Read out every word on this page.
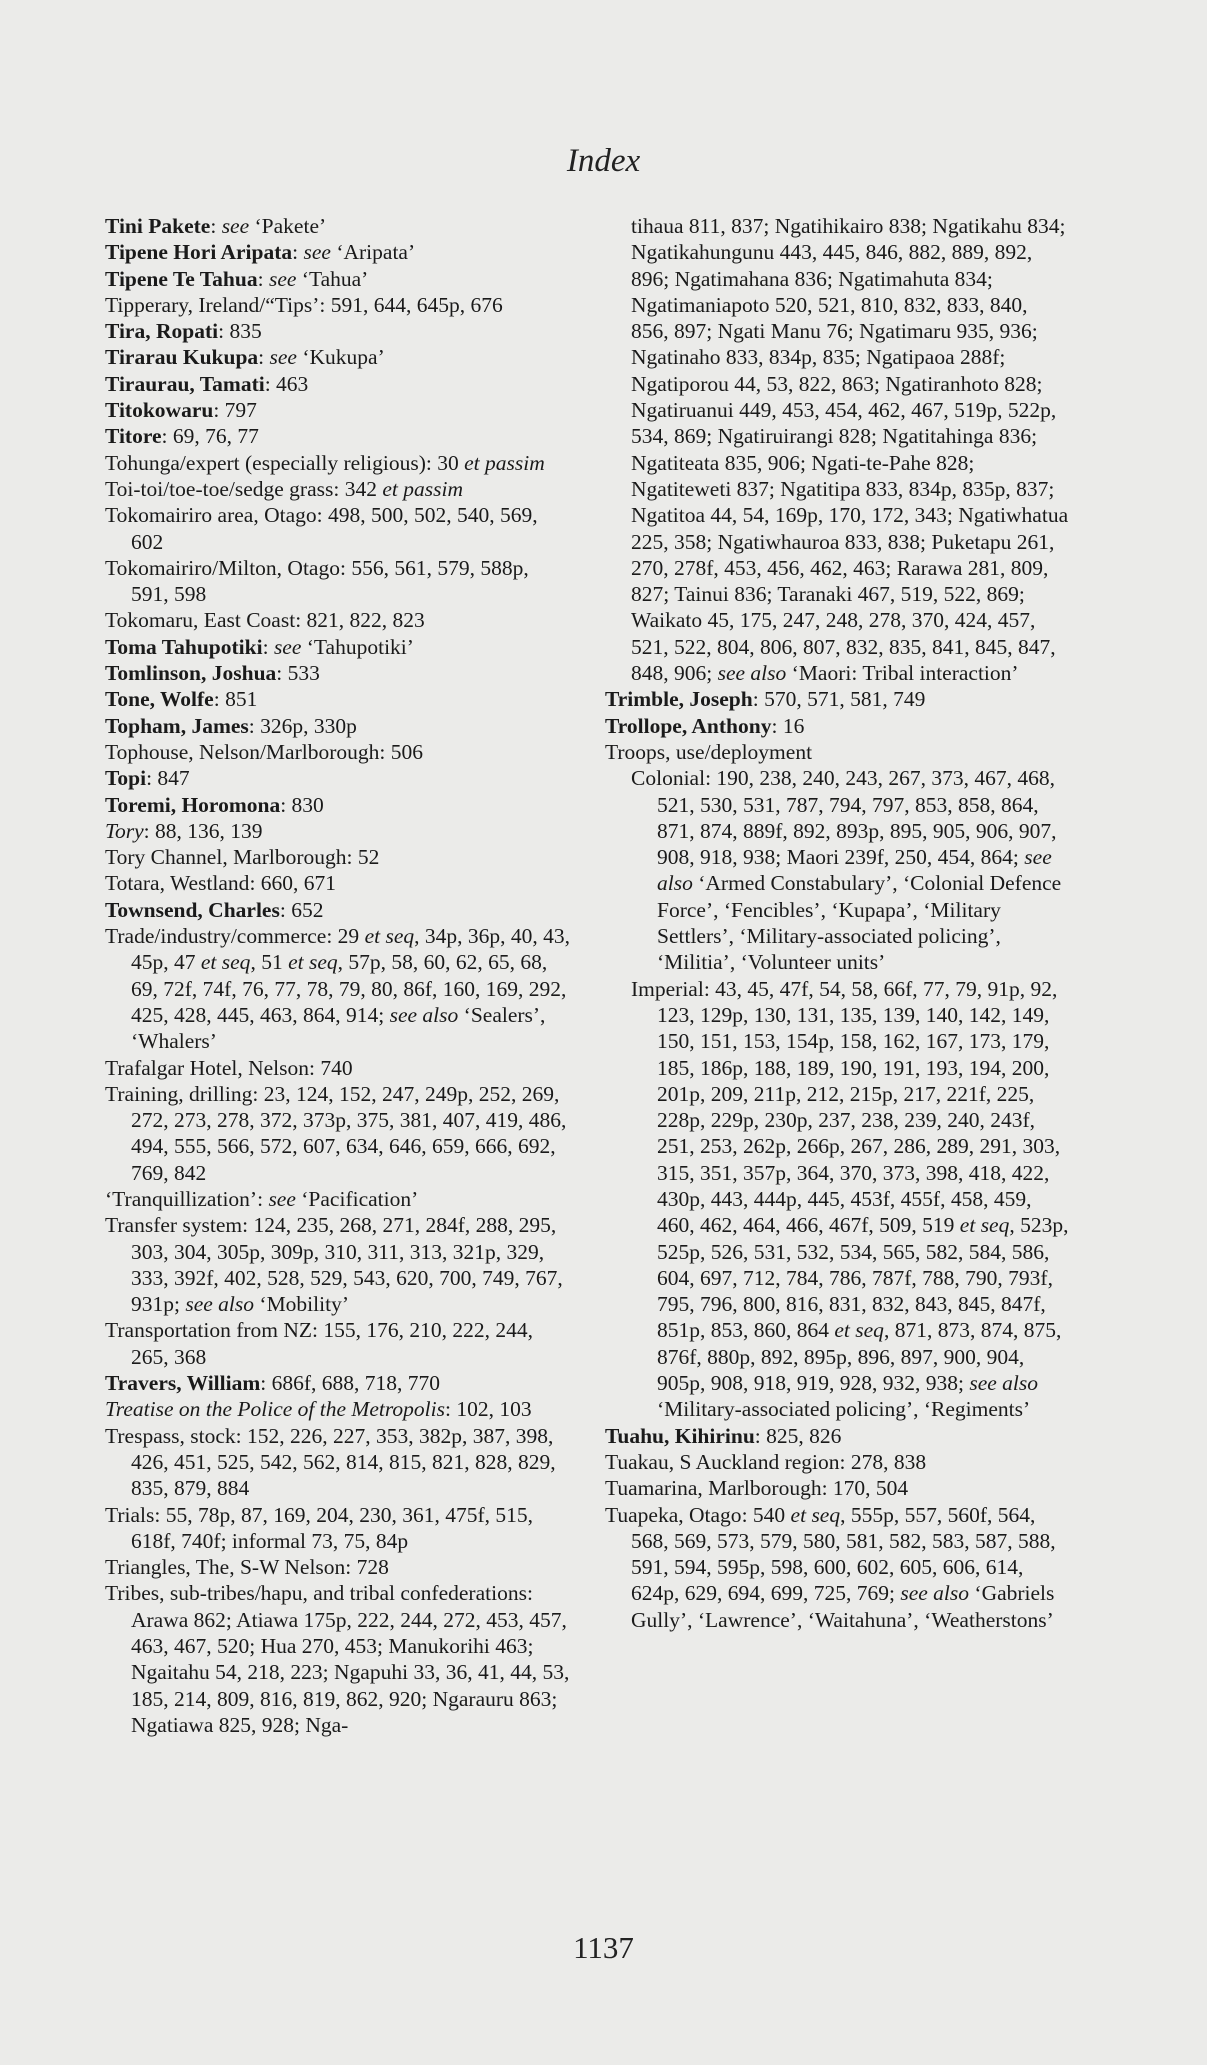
Index

Tini Pakete: see ‘Pakete’

Tipene Hori Aripata: see ‘Aripata’

Tipene Te Tahua: see ‘Tahua’

Tipperary, Ireland/“Tips’: 591, 644, 645p, 676

Tira, Ropati: 835

Tirarau Kukupa: see ‘Kukupa’

Tiraurau, Tamati: 463

Titokowaru: 797

Titore: 69, 76, 77

Tohunga/expert (especially religious): 30 et passim

Toi-toi/toe-toe/sedge grass: 342 et passim

Tokomairiro area, Otago: 498, 500, 502, 540, 569, 602

Tokomairiro/Milton, Otago: 556, 561, 579, 588p, 591, 598

Tokomaru, East Coast: 821, 822, 823

Toma Tahupotiki: see ‘Tahupotiki’

Tomlinson, Joshua: 533

Tone, Wolfe: 851

Topham, James: 326p, 330p

Tophouse, Nelson/Marlborough: 506

Topi: 847

Toremi, Horomona: 830

Tory: 88, 136, 139

Tory Channel, Marlborough: 52

Totara, Westland: 660, 671

Townsend, Charles: 652

Trade/industry/commerce: 29 et seq, 34p, 36p, 40, 43, 45p, 47 et seq, 51 et seq, 57p, 58, 60, 62, 65, 68, 69, 72f, 74f, 76, 77, 78, 79, 80, 86f, 160, 169, 292, 425, 428, 445, 463, 864, 914; see also ‘Sealers’, ‘Whalers’

Trafalgar Hotel, Nelson: 740

Training, drilling: 23, 124, 152, 247, 249p, 252, 269, 272, 273, 278, 372, 373p, 375, 381, 407, 419, 486, 494, 555, 566, 572, 607, 634, 646, 659, 666, 692, 769, 842

‘Tranquillization’: see ‘Pacification’

Transfer system: 124, 235, 268, 271, 284f, 288, 295, 303, 304, 305p, 309p, 310, 311, 313, 321p, 329, 333, 392f, 402, 528, 529, 543, 620, 700, 749, 767, 931p; see also ‘Mobility’

Transportation from NZ: 155, 176, 210, 222, 244, 265, 368

Travers, William: 686f, 688, 718, 770

Treatise on the Police of the Metropolis: 102, 103

Trespass, stock: 152, 226, 227, 353, 382p, 387, 398, 426, 451, 525, 542, 562, 814, 815, 821, 828, 829, 835, 879, 884

Trials: 55, 78p, 87, 169, 204, 230, 361, 475f, 515, 618f, 740f; informal 73, 75, 84p

Triangles, The, S-W Nelson: 728

Tribes, sub-tribes/hapu, and tribal confederations: Arawa 862; Atiawa 175p, 222, 244, 272, 453, 457, 463, 467, 520; Hua 270, 453; Manukorihi 463; Ngaitahu 54, 218, 223; Ngapuhi 33, 36, 41, 44, 53, 185, 214, 809, 816, 819, 862, 920; Ngarauru 863; Ngatiawa 825, 928; Nga-

tihaua 811, 837; Ngatihikairo 838; Ngatikahu 834; Ngatikahungunu 443, 445, 846, 882, 889, 892, 896; Ngatimahana 836; Ngatimahuta 834; Ngatimaniapoto 520, 521, 810, 832, 833, 840, 856, 897; Ngati Manu 76; Ngatimaru 935, 936; Ngatinaho 833, 834p, 835; Ngatipaoa 288f; Ngatiporou 44, 53, 822, 863; Ngatiranhoto 828; Ngatiruanui 449, 453, 454, 462, 467, 519p, 522p, 534, 869; Ngatiruirangi 828; Ngatitahinga 836; Ngatiteata 835, 906; Ngati-te-Pahe 828; Ngatiteweti 837; Ngatitipa 833, 834p, 835p, 837; Ngatitoa 44, 54, 169p, 170, 172, 343; Ngatiwhatua 225, 358; Ngatiwhauroa 833, 838; Puketapu 261, 270, 278f, 453, 456, 462, 463; Rarawa 281, 809, 827; Tainui 836; Taranaki 467, 519, 522, 869; Waikato 45, 175, 247, 248, 278, 370, 424, 457, 521, 522, 804, 806, 807, 832, 835, 841, 845, 847, 848, 906; see also ‘Maori: Tribal interaction’

Trimble, Joseph: 570, 571, 581, 749

Trollope, Anthony: 16

Troops, use/deployment

Colonial: 190, 238, 240, 243, 267, 373, 467, 468, 521, 530, 531, 787, 794, 797, 853, 858, 864, 871, 874, 889f, 892, 893p, 895, 905, 906, 907, 908, 918, 938; Maori 239f, 250, 454, 864; see also ‘Armed Constabulary’, ‘Colonial Defence Force’, ‘Fencibles’, ‘Kupapa’, ‘Military Settlers’, ‘Military-associated policing’, ‘Militia’, ‘Volunteer units’

Imperial: 43, 45, 47f, 54, 58, 66f, 77, 79, 91p, 92, 123, 129p, 130, 131, 135, 139, 140, 142, 149, 150, 151, 153, 154p, 158, 162, 167, 173, 179, 185, 186p, 188, 189, 190, 191, 193, 194, 200, 201p, 209, 211p, 212, 215p, 217, 221f, 225, 228p, 229p, 230p, 237, 238, 239, 240, 243f, 251, 253, 262p, 266p, 267, 286, 289, 291, 303, 315, 351, 357p, 364, 370, 373, 398, 418, 422, 430p, 443, 444p, 445, 453f, 455f, 458, 459, 460, 462, 464, 466, 467f, 509, 519 et seq, 523p, 525p, 526, 531, 532, 534, 565, 582, 584, 586, 604, 697, 712, 784, 786, 787f, 788, 790, 793f, 795, 796, 800, 816, 831, 832, 843, 845, 847f, 851p, 853, 860, 864 et seq, 871, 873, 874, 875, 876f, 880p, 892, 895p, 896, 897, 900, 904, 905p, 908, 918, 919, 928, 932, 938; see also ‘Military-associated policing’, ‘Regiments’

Tuahu, Kihirinu: 825, 826

Tuakau, S Auckland region: 278, 838

Tuamarina, Marlborough: 170, 504

Tuapeka, Otago: 540 et seq, 555p, 557, 560f, 564, 568, 569, 573, 579, 580, 581, 582, 583, 587, 588, 591, 594, 595p, 598, 600, 602, 605, 606, 614, 624p, 629, 694, 699, 725, 769; see also ‘Gabriels Gully’, ‘Lawrence’, ‘Waitahuna’, ‘Weatherstons’

1137
